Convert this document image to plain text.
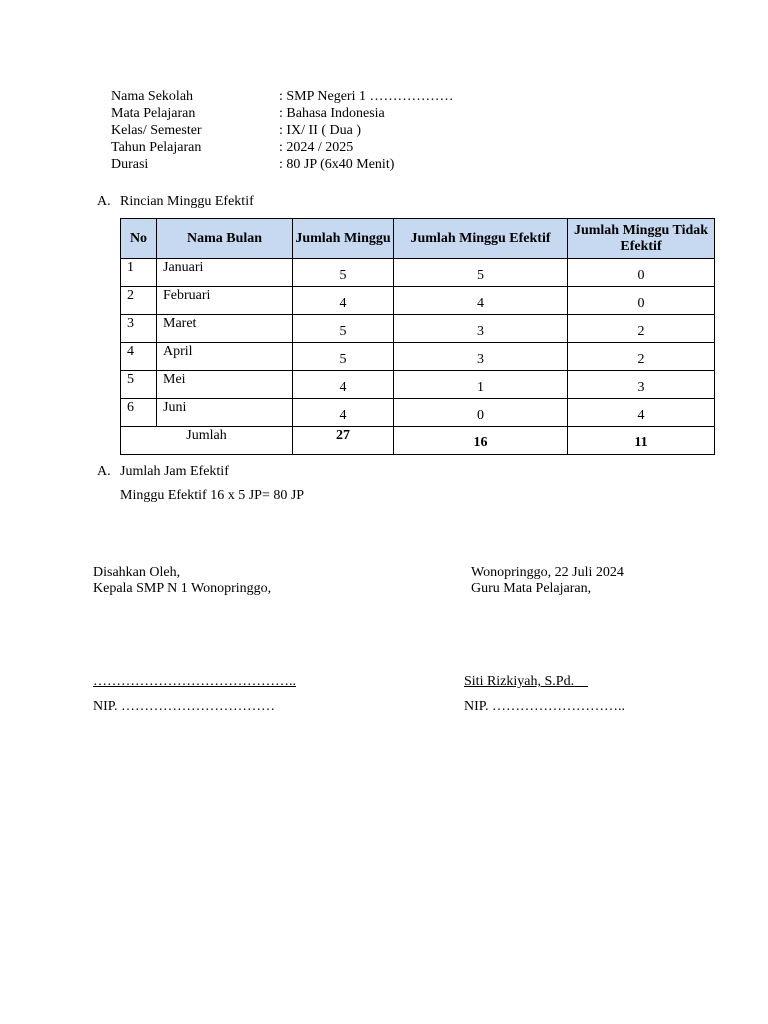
Nama Sekolah	: SMP Negeri 1 ………………
Mata Pelajaran	: Bahasa Indonesia
Kelas/ Semester	: IX/ II ( Dua )
Tahun Pelajaran	: 2024 / 2025
Durasi	: 80 JP (6x40 Menit)
A. Rincian Minggu Efektif
No	Nama Bulan	Jumlah Minggu	Jumlah Minggu Efektif	Jumlah Minggu Tidak Efektif
1	Januari	5	5	0
2	Februari	4	4	0
3	Maret	5	3	2
4	April	5	3	2
5	Mei	4	1	3
6	Juni	4	0	4
Jumlah		27	16	11
A. Jumlah Jam Efektif
Minggu Efektif 16 x 5 JP= 80 JP
Disahkan Oleh,
Kepala SMP N 1 Wonopringgo,
Wonopringgo, 22 Juli 2024
Guru Mata Pelajaran,
……………………………………..	Siti Rizkiyah, S.Pd.
NIP. ……………………………	NIP. ………………………..
